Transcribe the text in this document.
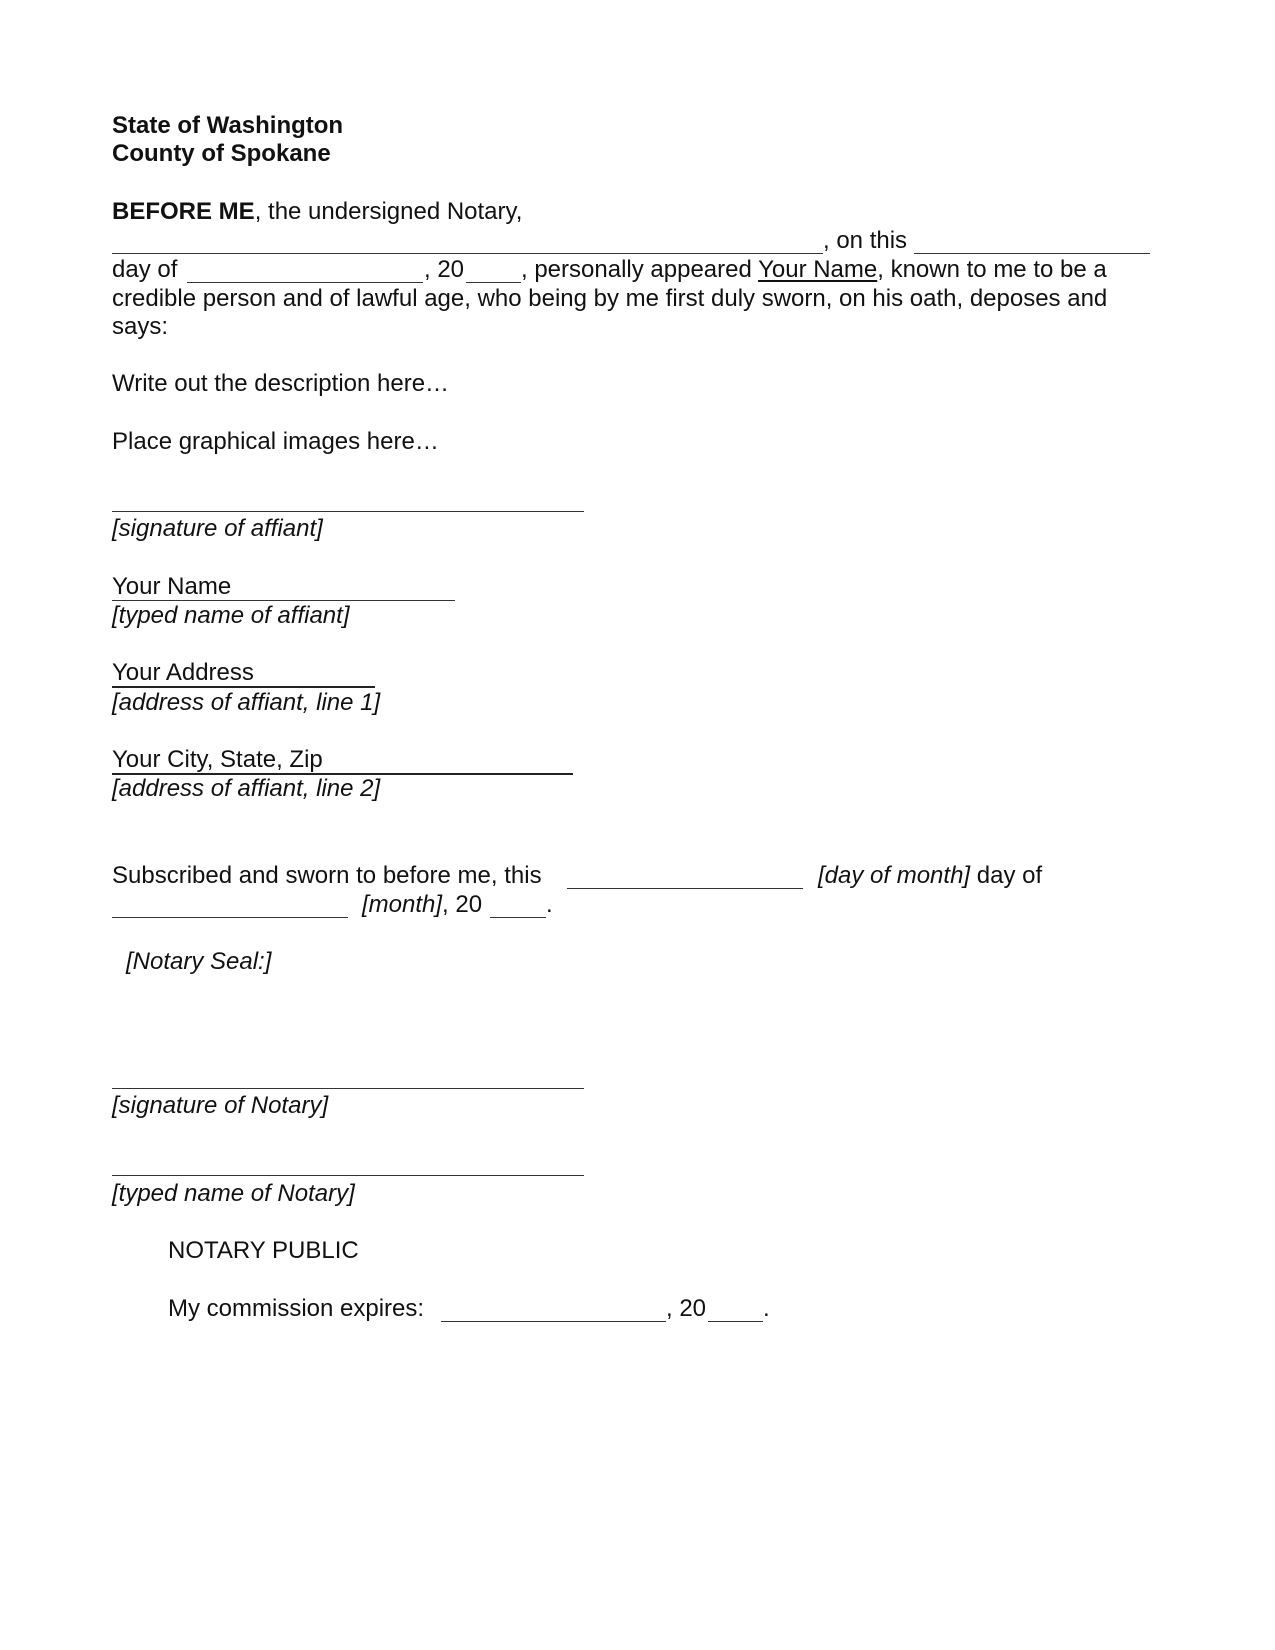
State of Washington
County of Spokane
BEFORE ME, the undersigned Notary,
, on this
day of	, 20 , personally appeared Your Name, known to me to be a
credible person and of lawful age, who being by me first duly sworn, on his oath, deposes and
says:
Write out the description here…
Place graphical images here…
[signature of affiant]
Your Name
[typed name of affiant]
Your Address
[address of affiant, line 1]
Your City, State, Zip
[address of affiant, line 2]
Subscribed and sworn to before me, this	[day of month] day of
[month], 20	.
[Notary Seal:]
[signature of Notary]
[typed name of Notary]
NOTARY PUBLIC
My commission expires:	, 20 .
